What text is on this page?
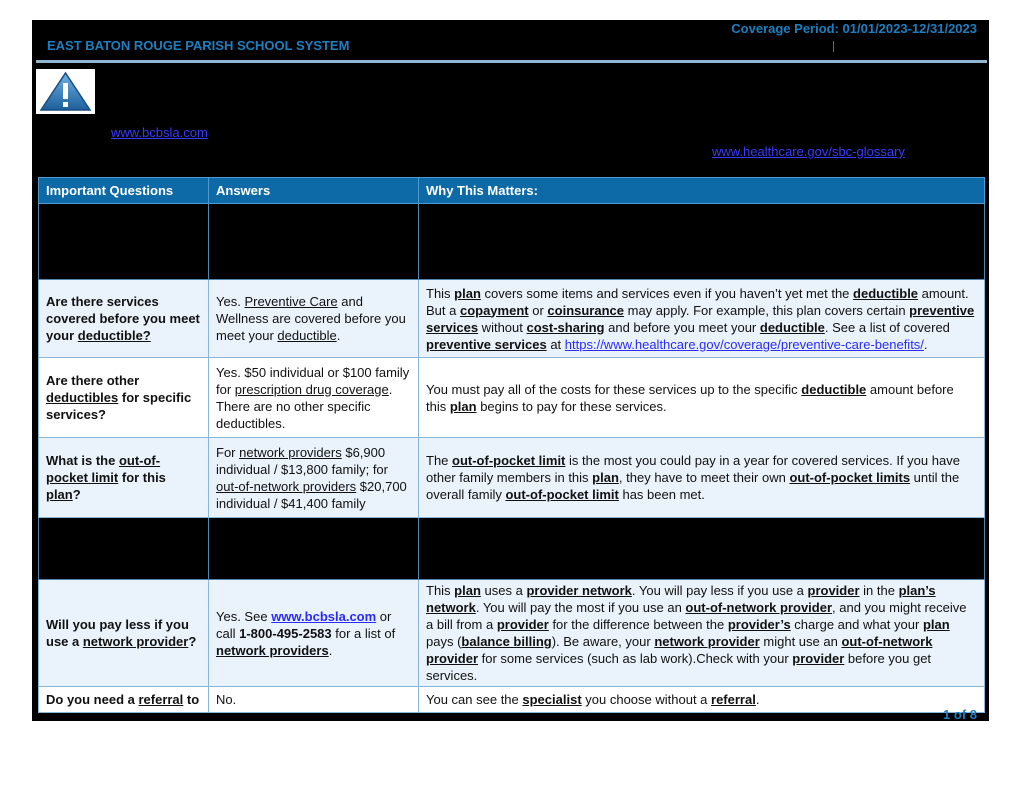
EAST BATON ROUGE PARISH SCHOOL SYSTEM
Coverage Period: 01/01/2023-12/31/2023
www.bcbsla.com
www.healthcare.gov/sbc-glossary
Important Questions	Answers	Why This Matters:

Are there services covered before you meet your deductible?	Yes. Preventive Care and Wellness are covered before you meet your deductible.	This plan covers some items and services even if you haven’t yet met the deductible amount. But a copayment or coinsurance may apply. For example, this plan covers certain preventive services without cost-sharing and before you meet your deductible. See a list of covered preventive services at https://www.healthcare.gov/coverage/preventive-care-benefits/.
Are there other deductibles for specific services?	Yes. $50 individual or $100 family for prescription drug coverage. There are no other specific deductibles.	You must pay all of the costs for these services up to the specific deductible amount before this plan begins to pay for these services.
What is the out-of-pocket limit for this plan?	For network providers $6,900 individual / $13,800 family; for out-of-network providers $20,700 individual / $41,400 family	The out-of-pocket limit is the most you could pay in a year for covered services. If you have other family members in this plan, they have to meet their own out-of-pocket limits until the overall family out-of-pocket limit has been met.

Will you pay less if you use a network provider?	Yes. See www.bcbsla.com or call 1-800-495-2583 for a list of network providers.	This plan uses a provider network. You will pay less if you use a provider in the plan’s network. You will pay the most if you use an out-of-network provider, and you might receive a bill from a provider for the difference between the provider’s charge and what your plan pays (balance billing). Be aware, your network provider might use an out-of-network provider for some services (such as lab work).Check with your provider before you get services.
Do you need a referral to	No.	You can see the specialist you choose without a referral.
1 of 8
